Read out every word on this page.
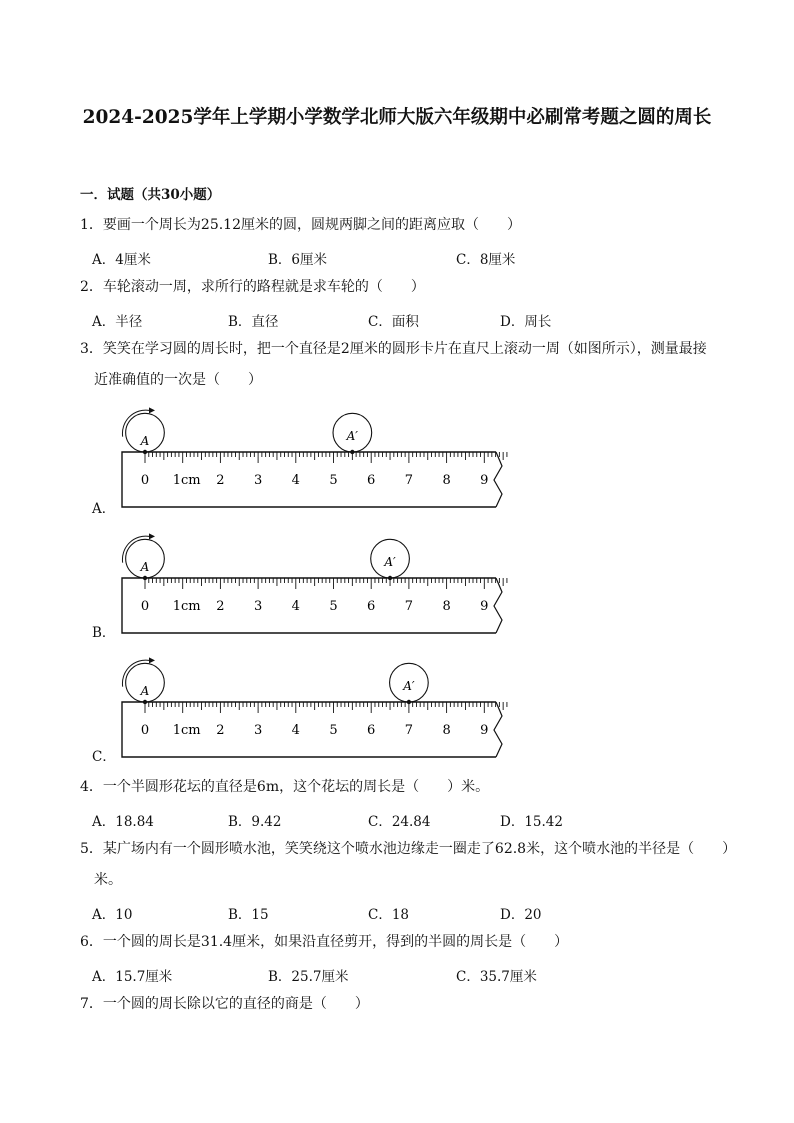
2024-2025学年上学期小学数学北师大版六年级期中必刷常考题之圆的周长
一．试题（共30小题）
1．要画一个周长为25.12厘米的圆，圆规两脚之间的距离应取（　　）
A．4厘米	B．6厘米	C．8厘米
2．车轮滚动一周，求所行的路程就是求车轮的（　　）
A．半径	B．直径	C．面积	D．周长
3．笑笑在学习圆的周长时，把一个直径是2厘米的圆形卡片在直尺上滚动一周（如图所示），测量最接
近准确值的一次是（　　）
0 1cm 2 3 4 5 6 7 8 9
A	A′
A．
0 1cm 2 3 4 5 6 7 8 9
A	A′
B．
0 1cm 2 3 4 5 6 7 8 9
A	A′
C．
4．一个半圆形花坛的直径是6m，这个花坛的周长是（　　）米。
A．18.84	B．9.42	C．24.84	D．15.42
5．某广场内有一个圆形喷水池，笑笑绕这个喷水池边缘走一圈走了62.8米，这个喷水池的半径是（　　）
米。
A．10	B．15	C．18	D．20
6．一个圆的周长是31.4厘米，如果沿直径剪开，得到的半圆的周长是（　　）
A．15.7厘米	B．25.7厘米	C．35.7厘米
7．一个圆的周长除以它的直径的商是（　　）
